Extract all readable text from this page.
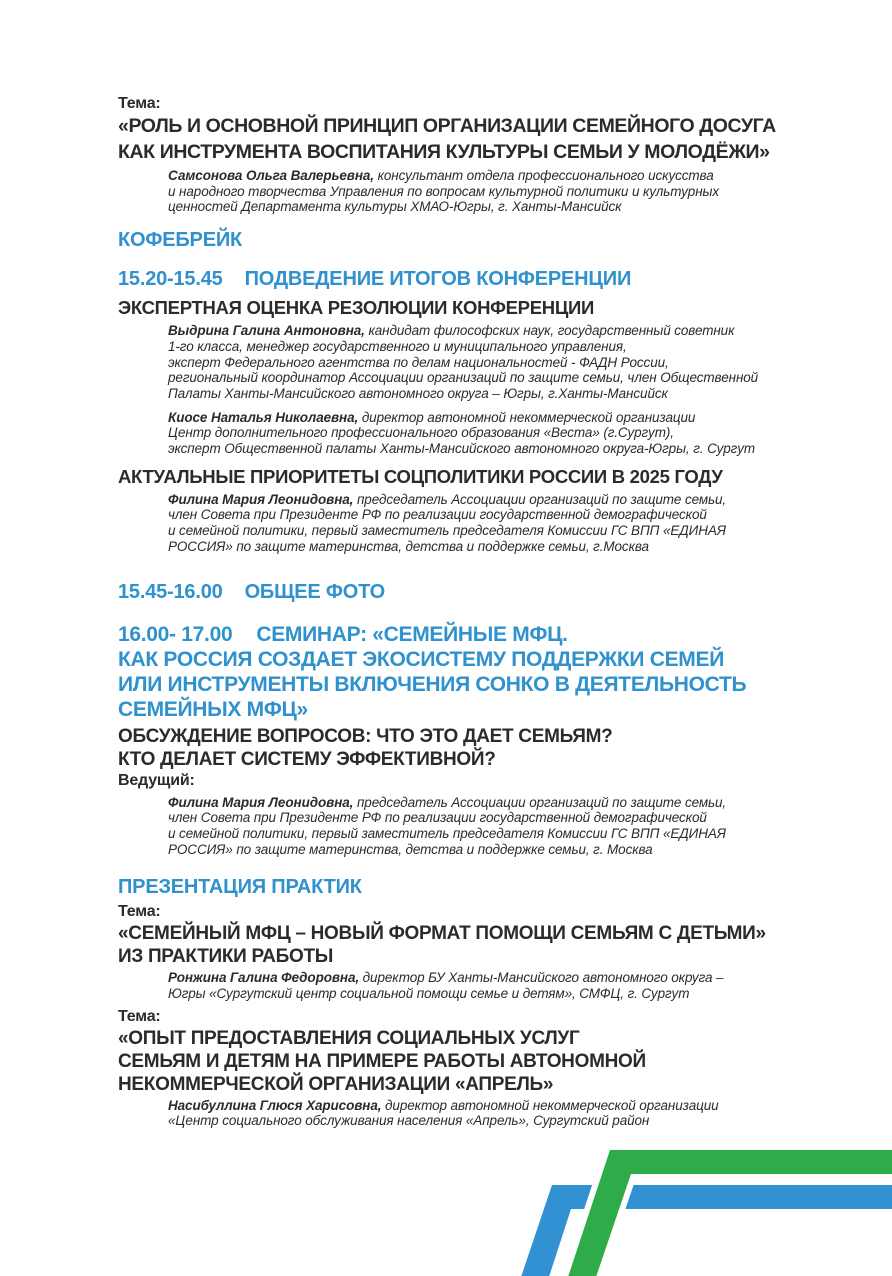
Тема:
«РОЛЬ И ОСНОВНОЙ ПРИНЦИП ОРГАНИЗАЦИИ СЕМЕЙНОГО ДОСУГА
КАК ИНСТРУМЕНТА ВОСПИТАНИЯ КУЛЬТУРЫ СЕМЬИ У МОЛОДЁЖИ»
Самсонова Ольга Валерьевна, консультант отдела профессионального искусства
и народного творчества Управления по вопросам культурной политики и культурных
ценностей Департамента культуры ХМАО-Югры, г. Ханты-Мансийск
КОФЕБРЕЙК
15.20-15.45 ПОДВЕДЕНИЕ ИТОГОВ КОНФЕРЕНЦИИ
ЭКСПЕРТНАЯ ОЦЕНКА РЕЗОЛЮЦИИ КОНФЕРЕНЦИИ
Выдрина Галина Антоновна, кандидат философских наук, государственный советник
1-го класса, менеджер государственного и муниципального управления,
эксперт Федерального агентства по делам национальностей - ФАДН России,
региональный координатор Ассоциации организаций по защите семьи, член Общественной
Палаты Ханты-Мансийского автономного округа – Югры, г.Ханты-Мансийск
Киосе Наталья Николаевна, директор автономной некоммерческой организации
Центр дополнительного профессионального образования «Веста» (г.Сургут),
эксперт Общественной палаты Ханты-Мансийского автономного округа-Югры, г. Сургут
АКТУАЛЬНЫЕ ПРИОРИТЕТЫ СОЦПОЛИТИКИ РОССИИ В 2025 ГОДУ
Филина Мария Леонидовна, председатель Ассоциации организаций по защите семьи,
член Совета при Президенте РФ по реализации государственной демографической
и семейной политики, первый заместитель председателя Комиссии ГС ВПП «ЕДИНАЯ
РОССИЯ» по защите материнства, детства и поддержке семьи, г.Москва
15.45-16.00 ОБЩЕЕ ФОТО
16.00- 17.00 СЕМИНАР: «СЕМЕЙНЫЕ МФЦ.
КАК РОССИЯ СОЗДАЕТ ЭКОСИСТЕМУ ПОДДЕРЖКИ СЕМЕЙ
ИЛИ ИНСТРУМЕНТЫ ВКЛЮЧЕНИЯ СОНКО В ДЕЯТЕЛЬНОСТЬ
СЕМЕЙНЫХ МФЦ»
ОБСУЖДЕНИЕ ВОПРОСОВ: ЧТО ЭТО ДАЕТ СЕМЬЯМ?
КТО ДЕЛАЕТ СИСТЕМУ ЭФФЕКТИВНОЙ?
Ведущий:
Филина Мария Леонидовна, председатель Ассоциации организаций по защите семьи,
член Совета при Президенте РФ по реализации государственной демографической
и семейной политики, первый заместитель председателя Комиссии ГС ВПП «ЕДИНАЯ
РОССИЯ» по защите материнства, детства и поддержке семьи, г. Москва
ПРЕЗЕНТАЦИЯ ПРАКТИК
Тема:
«СЕМЕЙНЫЙ МФЦ – НОВЫЙ ФОРМАТ ПОМОЩИ СЕМЬЯМ С ДЕТЬМИ»
ИЗ ПРАКТИКИ РАБОТЫ
Ронжина Галина Федоровна, директор БУ Ханты-Мансийского автономного округа –
Югры «Сургутский центр социальной помощи семье и детям», СМФЦ, г. Сургут
Тема:
«ОПЫТ ПРЕДОСТАВЛЕНИЯ СОЦИАЛЬНЫХ УСЛУГ
СЕМЬЯМ И ДЕТЯМ НА ПРИМЕРЕ РАБОТЫ АВТОНОМНОЙ
НЕКОММЕРЧЕСКОЙ ОРГАНИЗАЦИИ «АПРЕЛЬ»
Насибуллина Глюся Харисовна, директор автономной некоммерческой организации
«Центр социального обслуживания населения «Апрель», Сургутский район
